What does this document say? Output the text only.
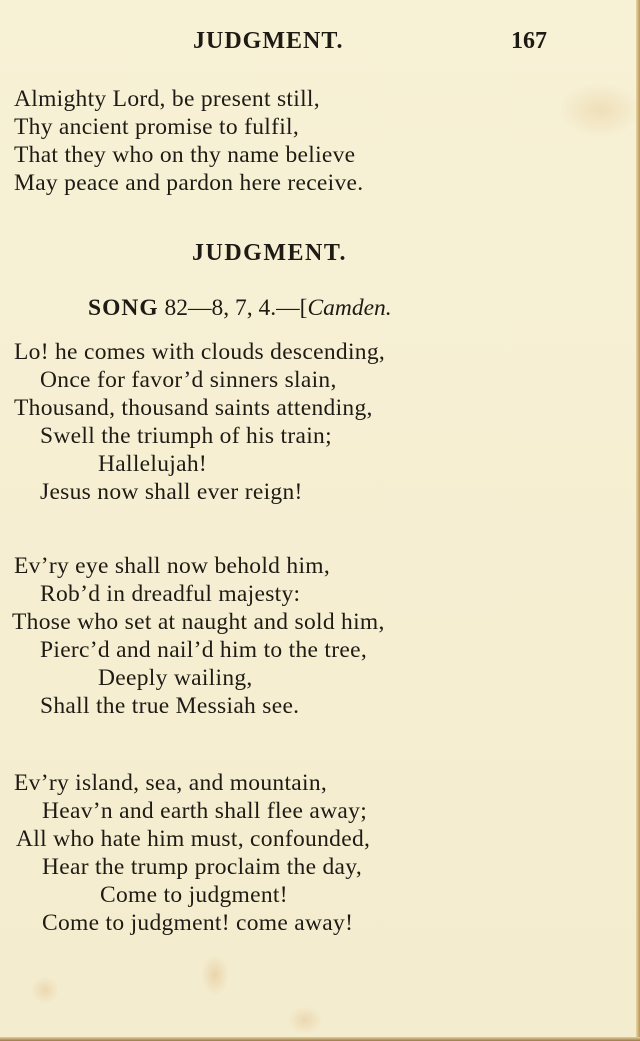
JUDGMENT.	167
Almighty Lord, be present still,
Thy ancient promise to fulfil,
That they who on thy name believe
May peace and pardon here receive.
JUDGMENT.
SONG 82—8, 7, 4.—[Camden.
Lo! he comes with clouds descending,
Once for favor’d sinners slain,
Thousand, thousand saints attending,
Swell the triumph of his train;
Hallelujah!
Jesus now shall ever reign!
Ev’ry eye shall now behold him,
Rob’d in dreadful majesty:
Those who set at naught and sold him,
Pierc’d and nail’d him to the tree,
Deeply wailing,
Shall the true Messiah see.
Ev’ry island, sea, and mountain,
Heav’n and earth shall flee away;
All who hate him must, confounded,
Hear the trump proclaim the day,
Come to judgment!
Come to judgment! come away!
